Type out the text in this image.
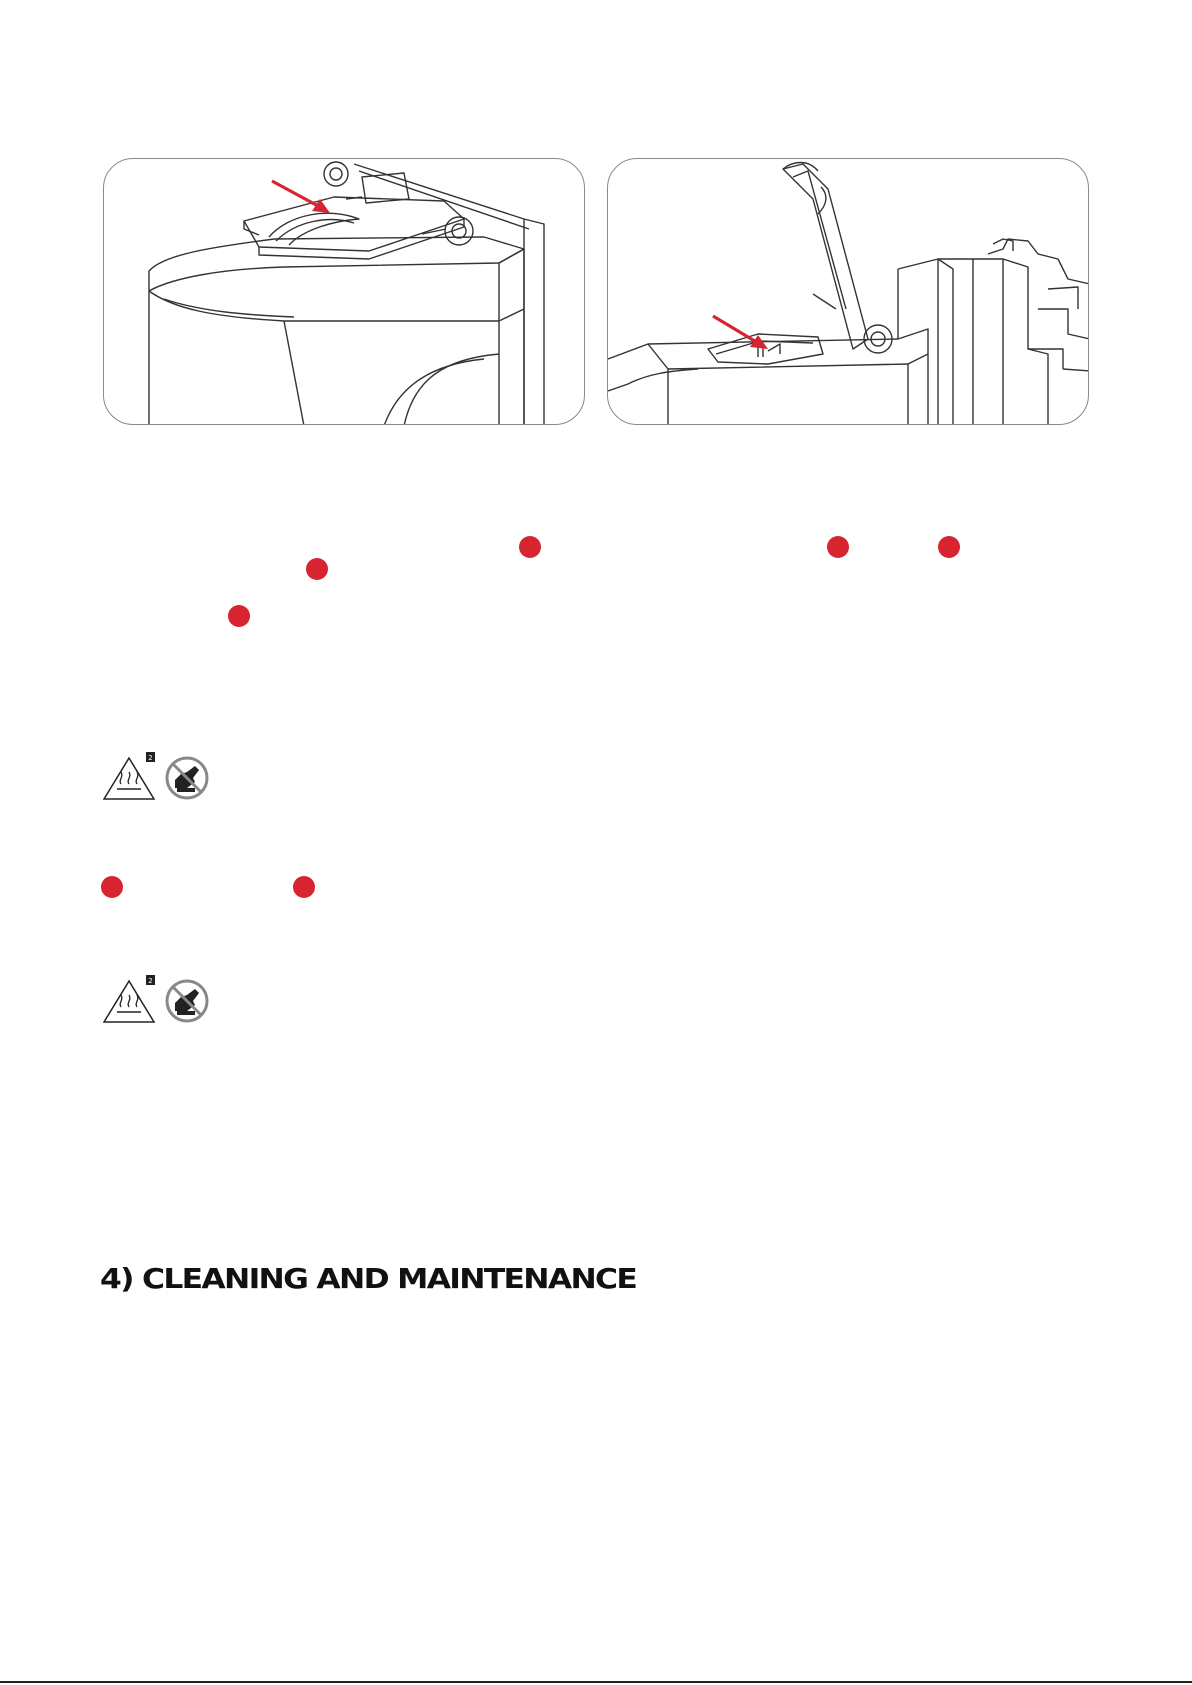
2
2
4) CLEANING AND MAINTENANCE
